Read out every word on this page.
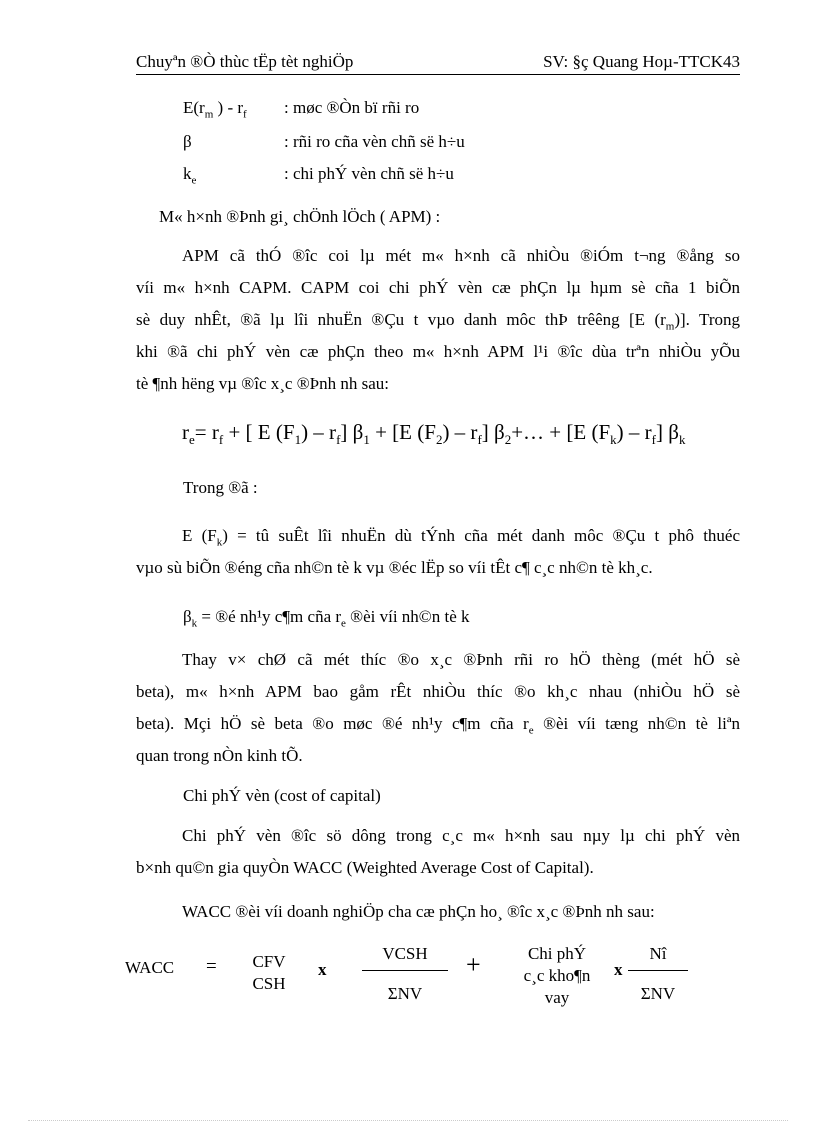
Chuyªn ®Ò thùc tËp tèt nghiÖp	SV: §ç Quang Hoµ-TTCK43
$E(r_m$ ) - $r_f$ : møc ®Òn bï rñi ro
β	: rñi ro cña vèn chñ së h÷u
$k_e$	: chi phÝ vèn chñ së h÷u
M« h×nh ®Þnh gi¸ chÖnh lÖch ( APM) :
APM cã thÓ ®îc coi lµ mét m« h×nh cã nhiÒu ®iÓm t¬ng ®ång so
víi m« h×nh CAPM. CAPM coi chi phÝ vèn cæ phÇn lµ hµm sè cña 1 biÕn
sè duy nhÊt, ®ã lµ lîi nhuËn ®Çu t vµo danh môc thÞ trêêng [E $(r_m)$]. Trong
khi ®ã chi phÝ vèn cæ phÇn theo m« h×nh APM l¹i ®îc dùa trªn nhiÒu yÕu
tè ¶nh hëng vµ ®îc x¸c ®Þnh nh sau:
$r_e= r_f$ + [ E $(F_1) - r_f$] $\beta_1 + [E$ $(F_2) - r_f$] $\beta_2+\dots + [E$ $(F_k) - r_f$] $\beta_k$
Trong ®ã :
E $(F_k)$ = tû suÊt lîi nhuËn dù tÝnh cña mét danh môc ®Çu t phô thuéc
vµo sù biÕn ®éng cña nh©n tè k vµ ®éc lËp so víi tÊt c¶ c¸c nh©n tè kh¸c.
$\beta_k$ = ®é nh¹y c¶m cña $r_e$ ®èi víi nh©n tè k
Thay v× chØ cã mét thíc ®o x¸c ®Þnh rñi ro hÖ thèng (mét hÖ sè
beta), m« h×nh APM bao gåm rÊt nhiÒu thíc ®o kh¸c nhau (nhiÒu hÖ sè
beta). Mçi hÖ sè beta ®o møc ®é nh¹y c¶m cña $r_e$ ®èi víi tæng nh©n tè liªn
quan trong nÒn kinh tÕ.
Chi phÝ vèn (cost of capital)
Chi phÝ vèn ®îc sö dông trong c¸c m« h×nh sau nµy lµ chi phÝ vèn
b×nh qu©n gia quyÒn WACC (Weighted Average Cost of Capital).
WACC ®èi víi doanh nghiÖp cha cæ phÇn ho¸ ®îc x¸c ®Þnh nh sau:
WACC =	CFV
CSH
x
VCSH
ΣNV
+	Chi phÝ
c¸c kho¶n
vay
x
Nî
ΣNV
